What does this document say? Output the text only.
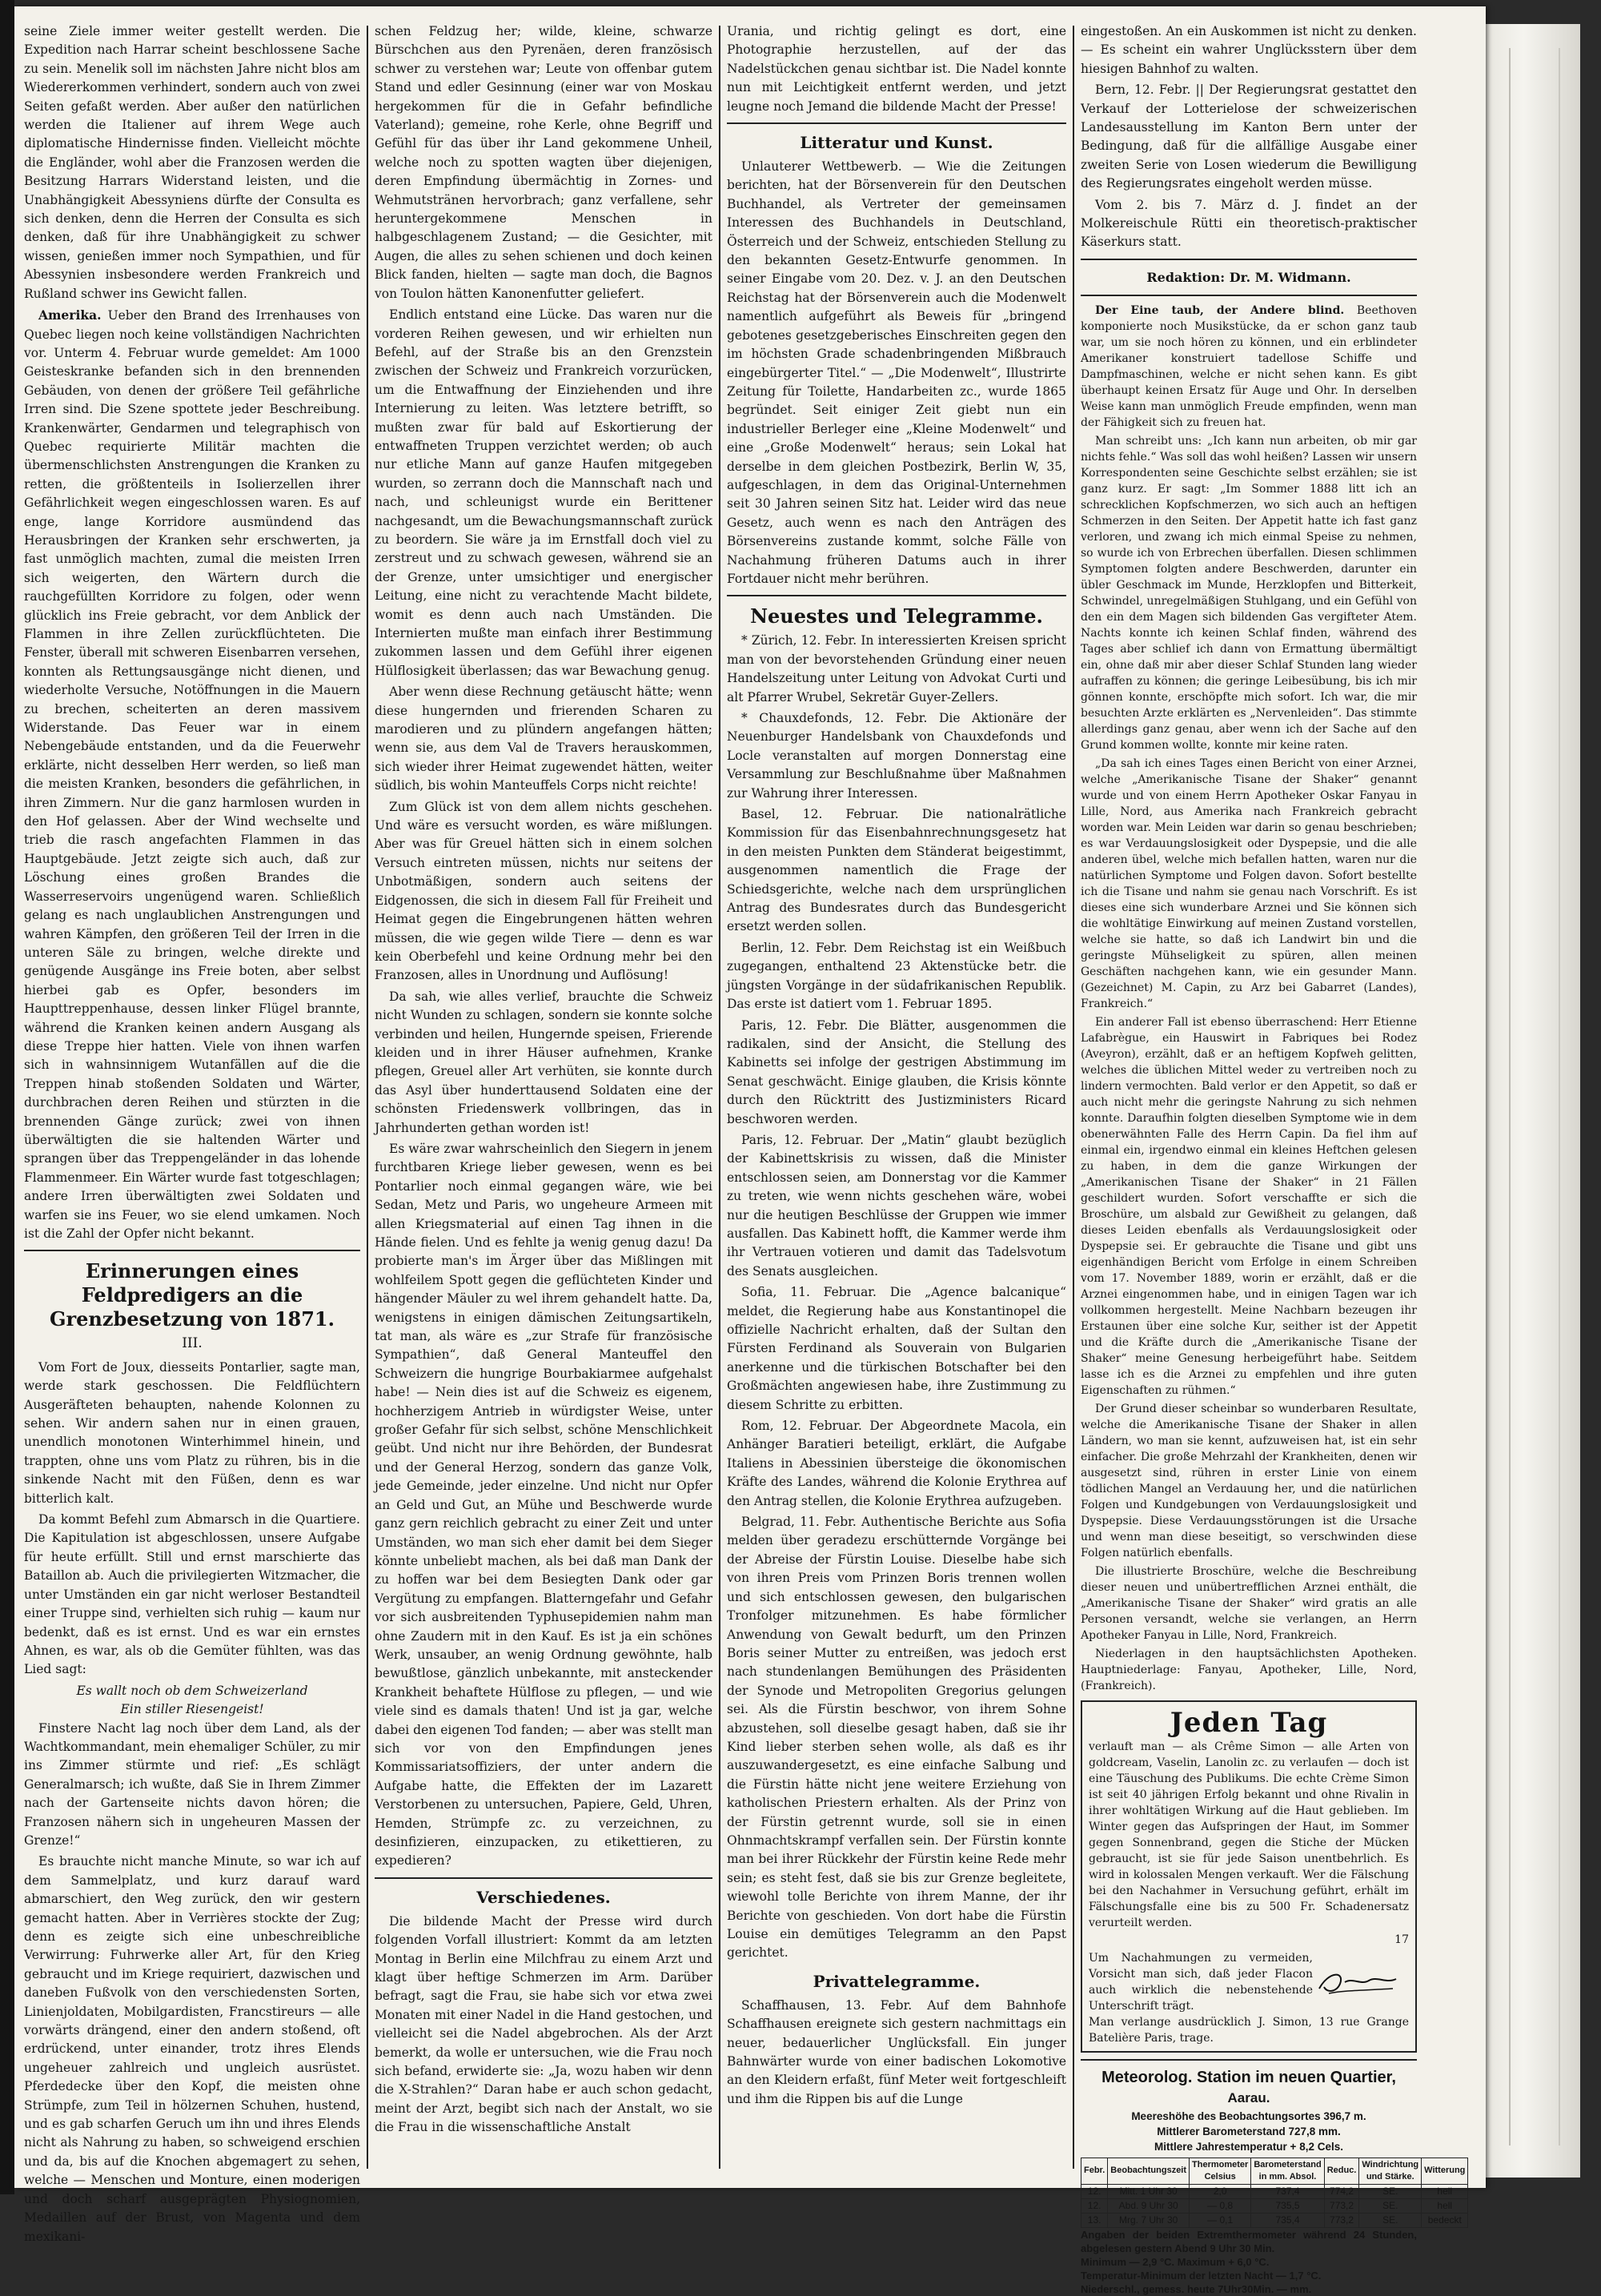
seine Ziele immer weiter gestellt werden. Die Expedition nach Harrar scheint beschlossene Sache zu sein. Menelik soll im nächsten Jahre nicht blos am Wiedererkommen verhindert, sondern auch von zwei Seiten gefaßt werden. Aber außer den natürlichen werden die Italiener auf ihrem Wege auch diplomatische Hindernisse finden. Vielleicht möchte die Engländer, wohl aber die Franzosen werden die Besitzung Harrars Widerstand leisten, und die Unabhängigkeit Abessyniens dürfte der Consulta es sich denken, denn die Herren der Consulta es sich denken, daß für ihre Unabhängigkeit zu schwer wissen, genießen immer noch Sympathien, und für Abessynien insbesondere werden Frankreich und Rußland schwer ins Gewicht fallen.

Amerika. Ueber den Brand des Irrenhauses von Quebec liegen noch keine vollständigen Nachrichten vor. Unterm 4. Februar wurde gemeldet: Am 1000 Geisteskranke befanden sich in den brennenden Gebäuden, von denen der größere Teil gefährliche Irren sind. Die Szene spottete jeder Beschreibung. Krankenwärter, Gendarmen und telegraphisch von Quebec requirierte Militär machten die übermenschlichsten Anstrengungen die Kranken zu retten, die größtenteils in Isolierzellen ihrer Gefährlichkeit wegen eingeschlossen waren. Es auf enge, lange Korridore ausmündend das Herausbringen der Kranken sehr erschwerten, ja fast unmöglich machten, zumal die meisten Irren sich weigerten, den Wärtern durch die rauchgefüllten Korridore zu folgen, oder wenn glücklich ins Freie gebracht, vor dem Anblick der Flammen in ihre Zellen zurückflüchteten. Die Fenster, überall mit schweren Eisenbarren versehen, konnten als Rettungsausgänge nicht dienen, und wiederholte Versuche, Notöffnungen in die Mauern zu brechen, scheiterten an deren massivem Widerstande. Das Feuer war in einem Nebengebäude entstanden, und da die Feuerwehr erklärte, nicht desselben Herr werden, so ließ man die meisten Kranken, besonders die gefährlichen, in ihren Zimmern. Nur die ganz harmlosen wurden in den Hof gelassen. Aber der Wind wechselte und trieb die rasch angefachten Flammen in das Hauptgebäude. Jetzt zeigte sich auch, daß zur Löschung eines großen Brandes die Wasserreservoirs ungenügend waren. Schließlich gelang es nach unglaublichen Anstrengungen und wahren Kämpfen, den größeren Teil der Irren in die unteren Säle zu bringen, welche direkte und genügende Ausgänge ins Freie boten, aber selbst hierbei gab es Opfer, besonders im Haupttreppenhause, dessen linker Flügel brannte, während die Kranken keinen andern Ausgang als diese Treppe hier hatten. Viele von ihnen warfen sich in wahnsinnigem Wutanfällen auf die die Treppen hinab stoßenden Soldaten und Wärter, durchbrachen deren Reihen und stürzten in die brennenden Gänge zurück; zwei von ihnen überwältigten die sie haltenden Wärter und sprangen über das Treppengeländer in das lohende Flammenmeer. Ein Wärter wurde fast totgeschlagen; andere Irren überwältigten zwei Soldaten und warfen sie ins Feuer, wo sie elend umkamen. Noch ist die Zahl der Opfer nicht bekannt.

Erinnerungen eines Feldpredigers an die Grenzbesetzung von 1871.
III.

Vom Fort de Joux, diesseits Pontarlier, sagte man, werde stark geschossen. Die Feldflüchtern Ausgeräfteten behaupten, nahende Kolonnen zu sehen. Wir andern sahen nur in einen grauen, unendlich monotonen Winterhimmel hinein, und trappten, ohne uns vom Platz zu rühren, bis in die sinkende Nacht mit den Füßen, denn es war bitterlich kalt.

Da kommt Befehl zum Abmarsch in die Quartiere. Die Kapitulation ist abgeschlossen, unsere Aufgabe für heute erfüllt. Still und ernst marschierte das Bataillon ab. Auch die privilegierten Witzmacher, die unter Umständen ein gar nicht werloser Bestandteil einer Truppe sind, verhielten sich ruhig — kaum nur bedenkt, daß es ist ernst. Und es war ein ernstes Ahnen, es war, als ob die Gemüter fühlten, was das Lied sagt:

Es wallt noch ob dem Schweizerland
Ein stiller Riesengeist!

Finstere Nacht lag noch über dem Land, als der Wachtkommandant, mein ehemaliger Schüler, zu mir ins Zimmer stürmte und rief: „Es schlägt Generalmarsch; ich wußte, daß Sie in Ihrem Zimmer nach der Gartenseite nichts davon hören; die Franzosen nähern sich in ungeheuren Massen der Grenze!“

Es brauchte nicht manche Minute, so war ich auf dem Sammelplatz, und kurz darauf ward abmarschiert, den Weg zurück, den wir gestern gemacht hatten. Aber in Verrières stockte der Zug; denn es zeigte sich eine unbeschreibliche Verwirrung: Fuhrwerke aller Art, für den Krieg gebraucht und im Kriege requiriert, dazwischen und daneben Fußvolk von den verschiedensten Sorten, Linienjoldaten, Mobilgardisten, Francstireurs — alle vorwärts drängend, einer den andern stoßend, oft erdrückend, unter einander, trotz ihres Elends ungeheuer zahlreich und ungleich ausrüstet. Pferdedecke über den Kopf, die meisten ohne Strümpfe, zum Teil in hölzernen Schuhen, hustend, und es gab scharfen Geruch um ihn und ihres Elends nicht als Nahrung zu haben, so schweigend erschien und da, bis auf die Knochen abgemagert zu sehen, welche — Menschen und Monture, einen moderigen und doch scharf ausgeprägten Physiognomien, Medaillen auf der Brust, von Magenta und dem mexikani-

schen Feldzug her; wilde, kleine, schwarze Bürschchen aus den Pyrenäen, deren französisch schwer zu verstehen war; Leute von offenbar gutem Stand und edler Gesinnung (einer war von Moskau hergekommen für die in Gefahr befindliche Vaterland); gemeine, rohe Kerle, ohne Begriff und Gefühl für das über ihr Land gekommene Unheil, welche noch zu spotten wagten über diejenigen, deren Empfindung übermächtig in Zornes- und Wehmutstränen hervorbrach; ganz verfallene, sehr heruntergekommene Menschen in halbgeschlagenem Zustand; — die Gesichter, mit Augen, die alles zu sehen schienen und doch keinen Blick fanden, hielten — sagte man doch, die Bagnos von Toulon hätten Kanonenfutter geliefert.

Endlich entstand eine Lücke. Das waren nur die vorderen Reihen gewesen, und wir erhielten nun Befehl, auf der Straße bis an den Grenzstein zwischen der Schweiz und Frankreich vorzurücken, um die Entwaffnung der Einziehenden und ihre Internierung zu leiten. Was letztere betrifft, so mußten zwar für bald auf Eskortierung der entwaffneten Truppen verzichtet werden; ob auch nur etliche Mann auf ganze Haufen mitgegeben wurden, so zerrann doch die Mannschaft nach und nach, und schleunigst wurde ein Berittener nachgesandt, um die Bewachungsmannschaft zurück zu beordern. Sie wäre ja im Ernstfall doch viel zu zerstreut und zu schwach gewesen, während sie an der Grenze, unter umsichtiger und energischer Leitung, eine nicht zu verachtende Macht bildete, womit es denn auch nach Umständen. Die Internierten mußte man einfach ihrer Bestimmung zukommen lassen und dem Gefühl ihrer eigenen Hülflosigkeit überlassen; das war Bewachung genug.

Aber wenn diese Rechnung getäuscht hätte; wenn diese hungernden und frierenden Scharen zu marodieren und zu plündern angefangen hätten; wenn sie, aus dem Val de Travers herauskommen, sich wieder ihrer Heimat zugewendet hätten, weiter südlich, bis wohin Manteuffels Corps nicht reichte!

Zum Glück ist von dem allem nichts geschehen. Und wäre es versucht worden, es wäre mißlungen. Aber was für Greuel hätten sich in einem solchen Versuch eintreten müssen, nichts nur seitens der Unbotmäßigen, sondern auch seitens der Eidgenossen, die sich in diesem Fall für Freiheit und Heimat gegen die Eingebrungenen hätten wehren müssen, die wie gegen wilde Tiere — denn es war kein Oberbefehl und keine Ordnung mehr bei den Franzosen, alles in Unordnung und Auflösung!

Da sah, wie alles verlief, brauchte die Schweiz nicht Wunden zu schlagen, sondern sie konnte solche verbinden und heilen, Hungernde speisen, Frierende kleiden und in ihrer Häuser aufnehmen, Kranke pflegen, Greuel aller Art verhüten, sie konnte durch das Asyl über hunderttausend Soldaten eine der schönsten Friedenswerk vollbringen, das in Jahrhunderten gethan worden ist!

Es wäre zwar wahrscheinlich den Siegern in jenem furchtbaren Kriege lieber gewesen, wenn es bei Pontarlier noch einmal gegangen wäre, wie bei Sedan, Metz und Paris, wo ungeheure Armeen mit allen Kriegsmaterial auf einen Tag ihnen in die Hände fielen. Und es fehlte ja wenig genug dazu! Da probierte man's im Ärger über das Mißlingen mit wohlfeilem Spott gegen die geflüchteten Kinder und hängender Mäuler zu wel ihrem gehandelt hatte. Da, wenigstens in einigen dämischen Zeitungsartikeln, tat man, als wäre es „zur Strafe für französische Sympathien“, daß General Manteuffel den Schweizern die hungrige Bourbakiarmee aufgehalst habe! — Nein dies ist auf die Schweiz es eigenem, hochherzigem Antrieb in würdigster Weise, unter großer Gefahr für sich selbst, schöne Menschlichkeit geübt. Und nicht nur ihre Behörden, der Bundesrat und der General Herzog, sondern das ganze Volk, jede Gemeinde, jeder einzelne. Und nicht nur Opfer an Geld und Gut, an Mühe und Beschwerde wurde ganz gern reichlich gebracht zu einer Zeit und unter Umständen, wo man sich eher damit bei dem Sieger könnte unbeliebt machen, als bei daß man Dank der zu hoffen war bei dem Besiegten Dank oder gar Vergütung zu empfangen. Blatterngefahr und Gefahr vor sich ausbreitenden Typhusepidemien nahm man ohne Zaudern mit in den Kauf. Es ist ja ein schönes Werk, unsauber, an wenig Ordnung gewöhnte, halb bewußtlose, gänzlich unbekannte, mit ansteckender Krankheit behaftete Hülflose zu pflegen, — und wie viele sind es damals thaten! Und ist ja gar, welche dabei den eigenen Tod fanden; — aber was stellt man sich vor von den Empfindungen jenes Kommissariatsoffiziers, der unter andern die Aufgabe hatte, die Effekten der im Lazarett Verstorbenen zu untersuchen, Papiere, Geld, Uhren, Hemden, Strümpfe zc. zu verzeichnen, zu desinfizieren, einzupacken, zu etikettieren, zu expedieren?

Verschiedenes.

Die bildende Macht der Presse wird durch folgenden Vorfall illustriert: Kommt da am letzten Montag in Berlin eine Milchfrau zu einem Arzt und klagt über heftige Schmerzen im Arm. Darüber befragt, sagt die Frau, sie habe sich vor etwa zwei Monaten mit einer Nadel in die Hand gestochen, und vielleicht sei die Nadel abgebrochen. Als der Arzt bemerkt, da wolle er untersuchen, wie die Frau noch sich befand, erwiderte sie: „Ja, wozu haben wir denn die X-Strahlen?“ Daran habe er auch schon gedacht, meint der Arzt, begibt sich nach der Anstalt, wo sie die Frau in die wissenschaftliche Anstalt

Urania, und richtig gelingt es dort, eine Photographie herzustellen, auf der das Nadelstückchen genau sichtbar ist. Die Nadel konnte nun mit Leichtigkeit entfernt werden, und jetzt leugne noch Jemand die bildende Macht der Presse!

Litteratur und Kunst.

Unlauterer Wettbewerb. — Wie die Zeitungen berichten, hat der Börsenverein für den Deutschen Buchhandel, als Vertreter der gemeinsamen Interessen des Buchhandels in Deutschland, Österreich und der Schweiz, entschieden Stellung zu den bekannten Gesetz-Entwurfe genommen. In seiner Eingabe vom 20. Dez. v. J. an den Deutschen Reichstag hat der Börsenverein auch die Modenwelt namentlich aufgeführt als Beweis für „bringend gebotenes gesetzgeberisches Einschreiten gegen den im höchsten Grade schadenbringenden Mißbrauch eingebürgerter Titel.“ — „Die Modenwelt“, Illustrirte Zeitung für Toilette, Handarbeiten zc., wurde 1865 begründet. Seit einiger Zeit giebt nun ein industrieller Berleger eine „Kleine Modenwelt“ und eine „Große Modenwelt“ heraus; sein Lokal hat derselbe in dem gleichen Postbezirk, Berlin W, 35, aufgeschlagen, in dem das Original-Unternehmen seit 30 Jahren seinen Sitz hat. Leider wird das neue Gesetz, auch wenn es nach den Anträgen des Börsenvereins zustande kommt, solche Fälle von Nachahmung früheren Datums auch in ihrer Fortdauer nicht mehr berühren.

Neuestes und Telegramme.

* Zürich, 12. Febr. In interessierten Kreisen spricht man von der bevorstehenden Gründung einer neuen Handelszeitung unter Leitung von Advokat Curti und alt Pfarrer Wrubel, Sekretär Guyer-Zellers.

* Chauxdefonds, 12. Febr. Die Aktionäre der Neuenburger Handelsbank von Chauxdefonds und Locle veranstalten auf morgen Donnerstag eine Versammlung zur Beschlußnahme über Maßnahmen zur Wahrung ihrer Interessen.

Basel, 12. Februar. Die nationalrätliche Kommission für das Eisenbahnrechnungsgesetz hat in den meisten Punkten dem Ständerat beigestimmt, ausgenommen namentlich die Frage der Schiedsgerichte, welche nach dem ursprünglichen Antrag des Bundesrates durch das Bundesgericht ersetzt werden sollen.

Berlin, 12. Febr. Dem Reichstag ist ein Weißbuch zugegangen, enthaltend 23 Aktenstücke betr. die jüngsten Vorgänge in der südafrikanischen Republik. Das erste ist datiert vom 1. Februar 1895.

Paris, 12. Febr. Die Blätter, ausgenommen die radikalen, sind der Ansicht, die Stellung des Kabinetts sei infolge der gestrigen Abstimmung im Senat geschwächt. Einige glauben, die Krisis könnte durch den Rücktritt des Justizministers Ricard beschworen werden.

Paris, 12. Februar. Der „Matin“ glaubt bezüglich der Kabinettskrisis zu wissen, daß die Minister entschlossen seien, am Donnerstag vor die Kammer zu treten, wie wenn nichts geschehen wäre, wobei nur die heutigen Beschlüsse der Gruppen wie immer ausfallen. Das Kabinett hofft, die Kammer werde ihm ihr Vertrauen votieren und damit das Tadelsvotum des Senats ausgleichen.

Sofia, 11. Februar. Die „Agence balcanique“ meldet, die Regierung habe aus Konstantinopel die offizielle Nachricht erhalten, daß der Sultan den Fürsten Ferdinand als Souverain von Bulgarien anerkenne und die türkischen Botschafter bei den Großmächten angewiesen habe, ihre Zustimmung zu diesem Schritte zu erbitten.

Rom, 12. Februar. Der Abgeordnete Macola, ein Anhänger Baratieri beteiligt, erklärt, die Aufgabe Italiens in Abessinien übersteige die ökonomischen Kräfte des Landes, während die Kolonie Erythrea auf den Antrag stellen, die Kolonie Erythrea aufzugeben.

Belgrad, 11. Febr. Authentische Berichte aus Sofia melden über geradezu erschütternde Vorgänge bei der Abreise der Fürstin Louise. Dieselbe habe sich von ihren Preis vom Prinzen Boris trennen wollen und sich entschlossen gewesen, den bulgarischen Tronfolger mitzunehmen. Es habe förmlicher Anwendung von Gewalt bedurft, um den Prinzen Boris seiner Mutter zu entreißen, was jedoch erst nach stundenlangen Bemühungen des Präsidenten der Synode und Metropoliten Gregorius gelungen sei. Als die Fürstin beschwor, von ihrem Sohne abzustehen, soll dieselbe gesagt haben, daß sie ihr Kind lieber sterben sehen wolle, als daß es ihr auszuwandergesetzt, es eine einfache Salbung und die Fürstin hätte nicht jene weitere Erziehung von katholischen Priestern erhalten. Als der Prinz von der Fürstin getrennt wurde, soll sie in einen Ohnmachtskrampf verfallen sein. Der Fürstin konnte man bei ihrer Rückkehr der Fürstin keine Rede mehr sein; es steht fest, daß sie bis zur Grenze begleitete, wiewohl tolle Berichte von ihrem Manne, der ihr Berichte von geschieden. Von dort habe die Fürstin Louise ein demütiges Telegramm an den Papst gerichtet.

Privattelegramme.

Schaffhausen, 13. Febr. Auf dem Bahnhofe Schaffhausen ereignete sich gestern nachmittags ein neuer, bedauerlicher Unglücksfall. Ein junger Bahnwärter wurde von einer badischen Lokomotive an den Kleidern erfaßt, fünf Meter weit fortgeschleift und ihm die Rippen bis auf die Lunge

eingestoßen. An ein Auskommen ist nicht zu denken. — Es scheint ein wahrer Unglücksstern über dem hiesigen Bahnhof zu walten.

Bern, 12. Febr. || Der Regierungsrat gestattet den Verkauf der Lotterielose der schweizerischen Landesausstellung im Kanton Bern unter der Bedingung, daß für die allfällige Ausgabe einer zweiten Serie von Losen wiederum die Bewilligung des Regierungsrates eingeholt werden müsse.

Vom 2. bis 7. März d. J. findet an der Molkereischule Rütti ein theoretisch-praktischer Käserkurs statt.

Redaktion: Dr. M. Widmann.

Der Eine taub, der Andere blind. Beethoven komponierte noch Musikstücke, da er schon ganz taub war, um sie noch hören zu können, und ein erblindeter Amerikaner konstruiert tadellose Schiffe und Dampfmaschinen, welche er nicht sehen kann. Es gibt überhaupt keinen Ersatz für Auge und Ohr. In derselben Weise kann man unmöglich Freude empfinden, wenn man der Fähigkeit sich zu freuen hat.

Man schreibt uns: „Ich kann nun arbeiten, ob mir gar nichts fehle.“ Was soll das wohl heißen? Lassen wir unsern Korrespondenten seine Geschichte selbst erzählen; sie ist ganz kurz. Er sagt: „Im Sommer 1888 litt ich an schrecklichen Kopfschmerzen, wo sich auch an heftigen Schmerzen in den Seiten. Der Appetit hatte ich fast ganz verloren, und zwang ich mich einmal Speise zu nehmen, so wurde ich von Erbrechen überfallen. Diesen schlimmen Symptomen folgten andere Beschwerden, darunter ein übler Geschmack im Munde, Herzklopfen und Bitterkeit, Schwindel, unregelmäßigen Stuhlgang, und ein Gefühl von den ein dem Magen sich bildenden Gas vergifteter Atem. Nachts konnte ich keinen Schlaf finden, während des Tages aber schlief ich dann von Ermattung übermältigt ein, ohne daß mir aber dieser Schlaf Stunden lang wieder aufraffen zu können; die geringe Leibesübung, bis ich mir gönnen konnte, erschöpfte mich sofort. Ich war, die mir besuchten Arzte erklärten es „Nervenleiden“. Das stimmte allerdings ganz genau, aber wenn ich der Sache auf den Grund kommen wollte, konnte mir keine raten.

„Da sah ich eines Tages einen Bericht von einer Arznei, welche „Amerikanische Tisane der Shaker“ genannt wurde und von einem Herrn Apotheker Oskar Fanyau in Lille, Nord, aus Amerika nach Frankreich gebracht worden war. Mein Leiden war darin so genau beschrieben; es war Verdauungslosigkeit oder Dyspepsie, und die alle anderen übel, welche mich befallen hatten, waren nur die natürlichen Symptome und Folgen davon. Sofort bestellte ich die Tisane und nahm sie genau nach Vorschrift. Es ist dieses eine sich wunderbare Arznei und Sie können sich die wohltätige Einwirkung auf meinen Zustand vorstellen, welche sie hatte, so daß ich Landwirt bin und die geringste Mühseligkeit zu spüren, allen meinen Geschäften nachgehen kann, wie ein gesunder Mann. (Gezeichnet) M. Capin, zu Arz bei Gabarret (Landes), Frankreich.“

Ein anderer Fall ist ebenso überraschend: Herr Etienne Lafabrègue, ein Hauswirt in Fabriques bei Rodez (Aveyron), erzählt, daß er an heftigem Kopfweh gelitten, welches die üblichen Mittel weder zu vertreiben noch zu lindern vermochten. Bald verlor er den Appetit, so daß er auch nicht mehr die geringste Nahrung zu sich nehmen konnte. Daraufhin folgten dieselben Symptome wie in dem obenerwähnten Falle des Herrn Capin. Da fiel ihm auf einmal ein, irgendwo einmal ein kleines Heftchen gelesen zu haben, in dem die ganze Wirkungen der „Amerikanischen Tisane der Shaker“ in 21 Fällen geschildert wurden. Sofort verschaffte er sich die Broschüre, um alsbald zur Gewißheit zu gelangen, daß dieses Leiden ebenfalls als Verdauungslosigkeit oder Dyspepsie sei. Er gebrauchte die Tisane und gibt uns eigenhändigen Bericht vom Erfolge in einem Schreiben vom 17. November 1889, worin er erzählt, daß er die Arznei eingenommen habe, und in einigen Tagen war ich vollkommen hergestellt. Meine Nachbarn bezeugen ihr Erstaunen über eine solche Kur, seither ist der Appetit und die Kräfte durch die „Amerikanische Tisane der Shaker“ meine Genesung herbeigeführt habe. Seitdem lasse ich es die Arznei zu empfehlen und ihre guten Eigenschaften zu rühmen.“

Der Grund dieser scheinbar so wunderbaren Resultate, welche die Amerikanische Tisane der Shaker in allen Ländern, wo man sie kennt, aufzuweisen hat, ist ein sehr einfacher. Die große Mehrzahl der Krankheiten, denen wir ausgesetzt sind, rühren in erster Linie von einem tödlichen Mangel an Verdauung her, und die natürlichen Folgen und Kundgebungen von Verdauungslosigkeit und Dyspepsie. Diese Verdauungsstörungen ist die Ursache und wenn man diese beseitigt, so verschwinden diese Folgen natürlich ebenfalls.

Die illustrierte Broschüre, welche die Beschreibung dieser neuen und unübertrefflichen Arznei enthält, die „Amerikanische Tisane der Shaker“ wird gratis an alle Personen versandt, welche sie verlangen, an Herrn Apotheker Fanyau in Lille, Nord, Frankreich.

Niederlagen in den hauptsächlichsten Apotheken. Hauptniederlage: Fanyau, Apotheker, Lille, Nord, (Frankreich).

Jeden Tag
verlauft man — als Crême Simon — alle Arten von goldcream, Vaselin, Lanolin zc. zu verlaufen — doch ist eine Täuschung des Publikums. Die echte Crème Simon ist seit 40 jährigen Erfolg bekannt und ohne Rivalin in ihrer wohltätigen Wirkung auf die Haut geblieben. Im Winter gegen das Aufspringen der Haut, im Sommer gegen Sonnenbrand, gegen die Stiche der Mücken gebraucht, ist sie für jede Saison unentbehrlich. Es wird in kolossalen Mengen verkauft. Wer die Fälschung bei den Nachahmer in Versuchung geführt, erhält im Fälschungsfalle eine bis zu 500 Fr. Schadenersatz verurteilt werden.
17
Um Nachahmungen zu vermeiden, Vorsicht man sich, daß jeder Flacon auch wirklich die nebenstehende Unterschrift trägt.
Man verlange ausdrücklich J. Simon, 13 rue Grange Batelière Paris, trage.
Meteorolog. Station im neuen Quartier,
Aarau.
Meereshöhe des Beobachtungsortes 396,7 m.
Mittlerer Barometerstand 727,8 mm.
Mittlere Jahrestemperatur + 8,2 Cels.
Febr.	Beobachtungszeit	Thermometer Celsius	Barometerstand in mm. Absol.	Reduc.	Windrichtung und Stärke.	Witterung
12.	Mitt. 1 Uhr 30	2,0	737,4	774,2	SE.	hell
12.	Abd. 9 Uhr 30	— 0,8	735,5	773,2	SE.	hell
13.	Mrg. 7 Uhr 30	— 0,1	735,4	773,2	SE.	bedeckt
Angaben der beiden Extremthermometer während 24 Stunden, abgelesen gestern Abend 9 Uhr 30 Min.
Minimum — 2,9 °C. Maximum + 6,0 °C.
Temperatur-Minimum der letzten Nacht — 1,7 °C.
Niederschl., gemess. heute 7Uhr30Min. — mm.
